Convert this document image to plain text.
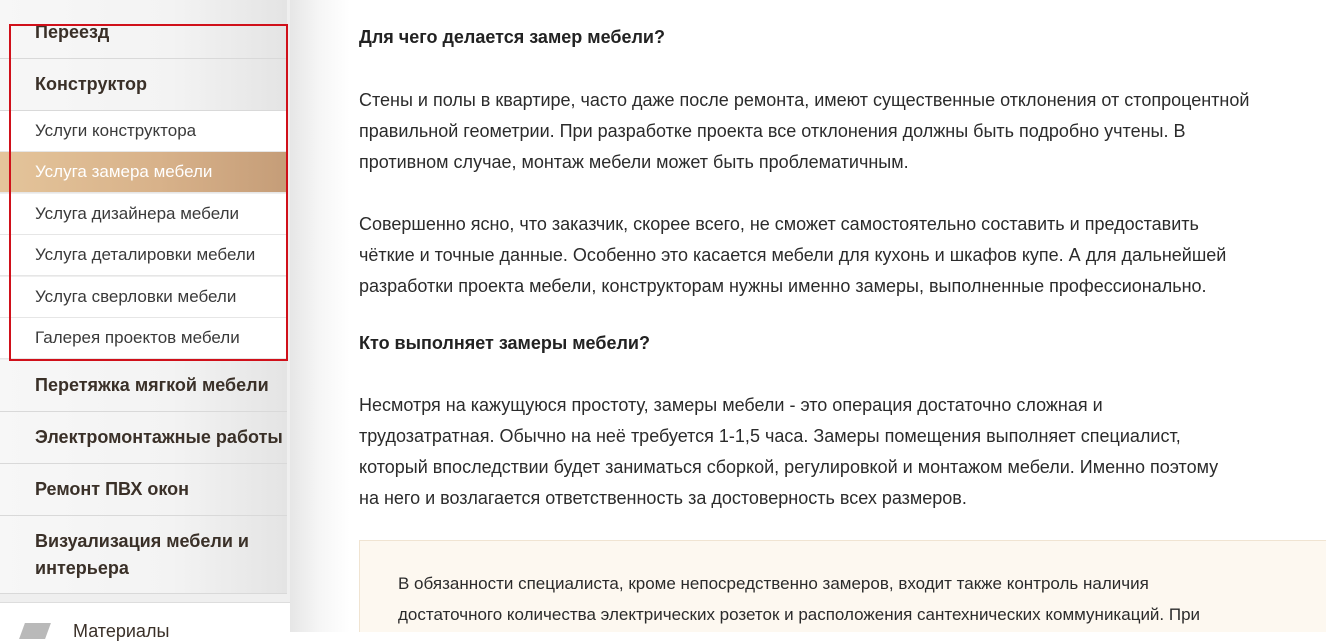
Переезд
Конструктор
Услуги конструктора
Услуга замера мебели
Услуга дизайнера мебели
Услуга деталировки мебели
Услуга сверловки мебели
Галерея проектов мебели
Перетяжка мягкой мебели
Электромонтажные работы
Ремонт ПВХ окон
Визуализация мебели и
интерьера
Материалы
Для чего делается замер мебели?
Стены и полы в квартире, часто даже после ремонта, имеют существенные отклонения от стопроцентной
правильной геометрии. При разработке проекта все отклонения должны быть подробно учтены. В
противном случае, монтаж мебели может быть проблематичным.
Совершенно ясно, что заказчик, скорее всего, не сможет самостоятельно составить и предоставить
чёткие и точные данные. Особенно это касается мебели для кухонь и шкафов купе. А для дальнейшей
разработки проекта мебели, конструкторам нужны именно замеры, выполненные профессионально.
Кто выполняет замеры мебели?
Несмотря на кажущуюся простоту, замеры мебели - это операция достаточно сложная и
трудозатратная. Обычно на неё требуется 1-1,5 часа. Замеры помещения выполняет специалист,
который впоследствии будет заниматься сборкой, регулировкой и монтажом мебели. Именно поэтому
на него и возлагается ответственность за достоверность всех размеров.
В обязанности специалиста, кроме непосредственно замеров, входит также контроль наличия
достаточного количества электрических розеток и расположения сантехнических коммуникаций. При
